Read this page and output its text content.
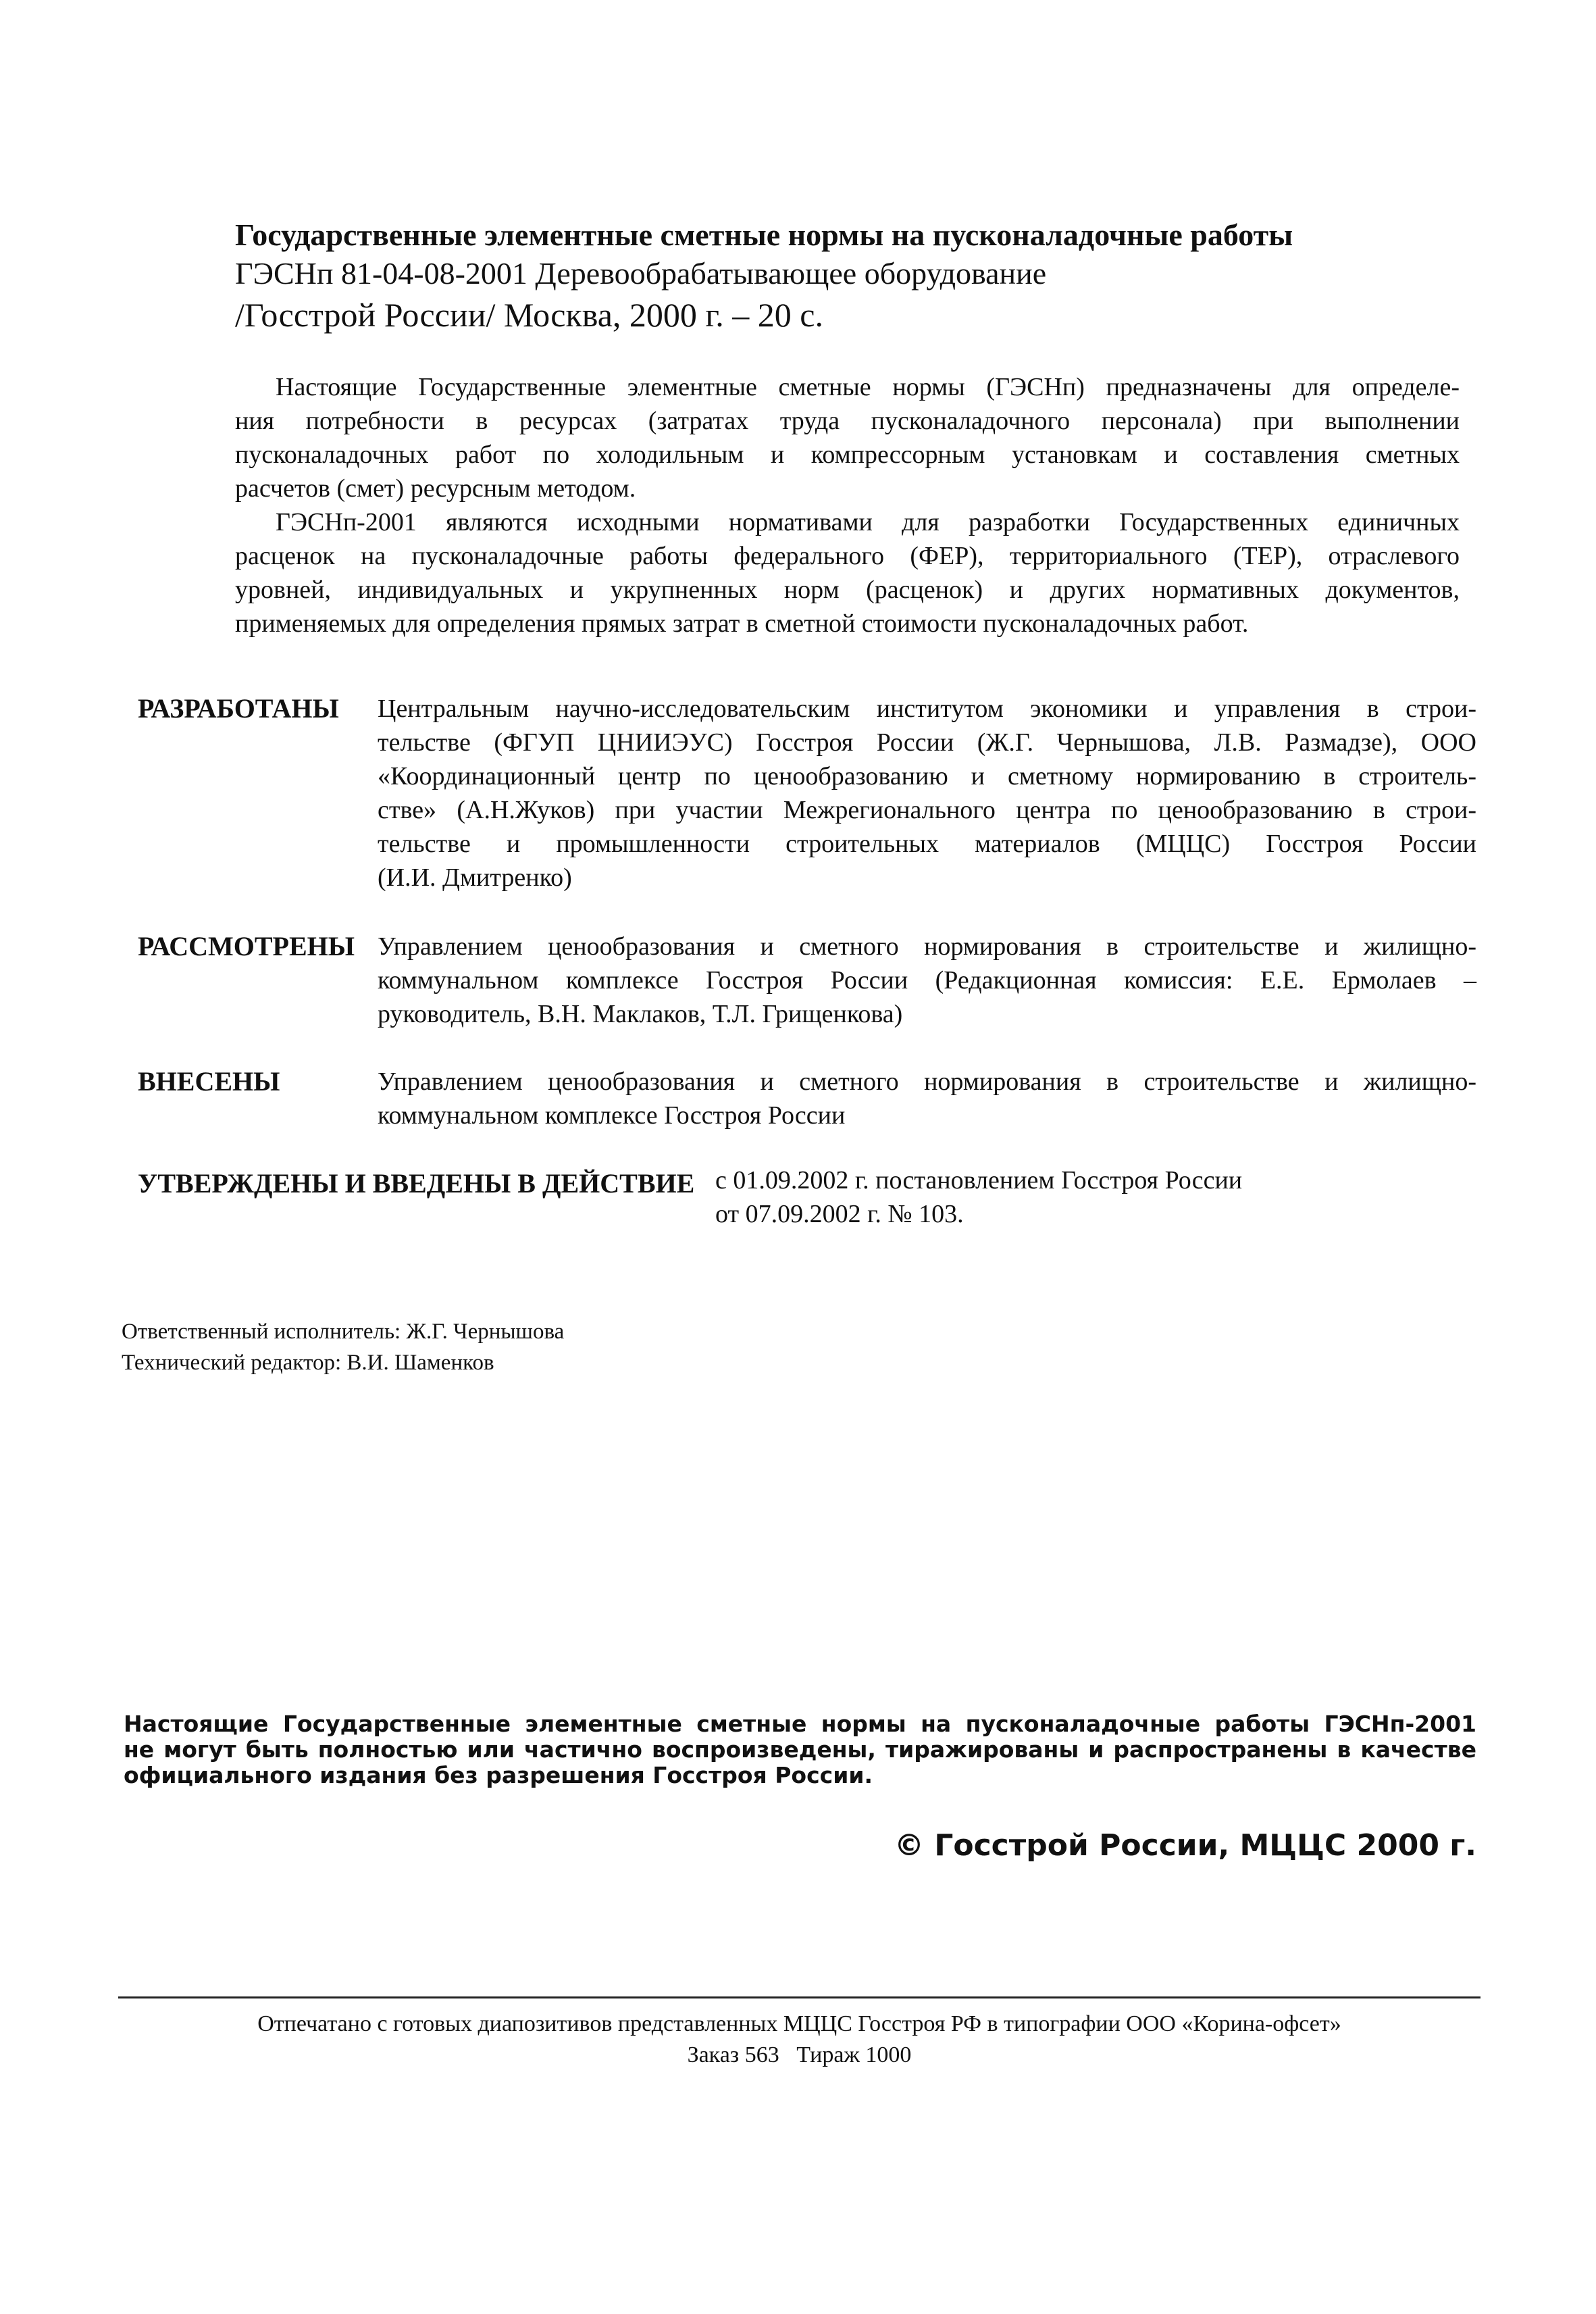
Государственные элементные сметные нормы на пусконаладочные работы
ГЭСНп 81-04-08-2001 Деревообрабатывающее оборудование
/Госстрой России/ Москва, 2000 г. – 20 с.
Настоящие Государственные элементные сметные нормы (ГЭСНп) предназначены для определе-
ния потребности в ресурсах (затратах труда пусконаладочного персонала) при выполнении
пусконаладочных работ по холодильным и компрессорным установкам и составления сметных
расчетов (смет) ресурсным методом.
ГЭСНп-2001 являются исходными нормативами для разработки Государственных единичных
расценок на пусконаладочные работы федерального (ФЕР), территориального (ТЕР), отраслевого
уровней, индивидуальных и укрупненных норм (расценок) и других нормативных документов,
применяемых для определения прямых затрат в сметной стоимости пусконаладочных работ.
РАЗРАБОТАНЫ Центральным научно-исследовательским институтом экономики и управления в строи-
тельстве (ФГУП ЦНИИЭУС) Госстроя России (Ж.Г. Чернышова, Л.В. Размадзе), ООО
«Координационный центр по ценообразованию и сметному нормированию в строитель-
стве» (А.Н.Жуков) при участии Межрегионального центра по ценообразованию в строи-
тельстве и промышленности строительных материалов (МЦЦС) Госстроя России
(И.И. Дмитренко)
РАССМОТРЕНЫ Управлением ценообразования и сметного нормирования в строительстве и жилищно-
коммунальном комплексе Госстроя России (Редакционная комиссия: Е.Е. Ермолаев –
руководитель, В.Н. Маклаков, Т.Л. Грищенкова)
ВНЕСЕНЫ	Управлением ценообразования и сметного нормирования в строительстве и жилищно-
коммунальном комплексе Госстроя России
УТВЕРЖДЕНЫ И ВВЕДЕНЫ В ДЕЙСТВИЕ с 01.09.2002 г. постановлением Госстроя России
от 07.09.2002 г. № 103.
Ответственный исполнитель: Ж.Г. Чернышова
Технический редактор: В.И. Шаменков
Настоящие Государственные элементные сметные нормы на пусконаладочные работы ГЭСНп-2001
не могут быть полностью или частично воспроизведены, тиражированы и распространены в качестве
официального издания без разрешения Госстроя России.
© Госстрой России, МЦЦС 2000 г.
Отпечатано с готовых диапозитивов представленных МЦЦС Госстроя РФ в типографии ООО «Корина-офсет»
Заказ 563   Тираж 1000
